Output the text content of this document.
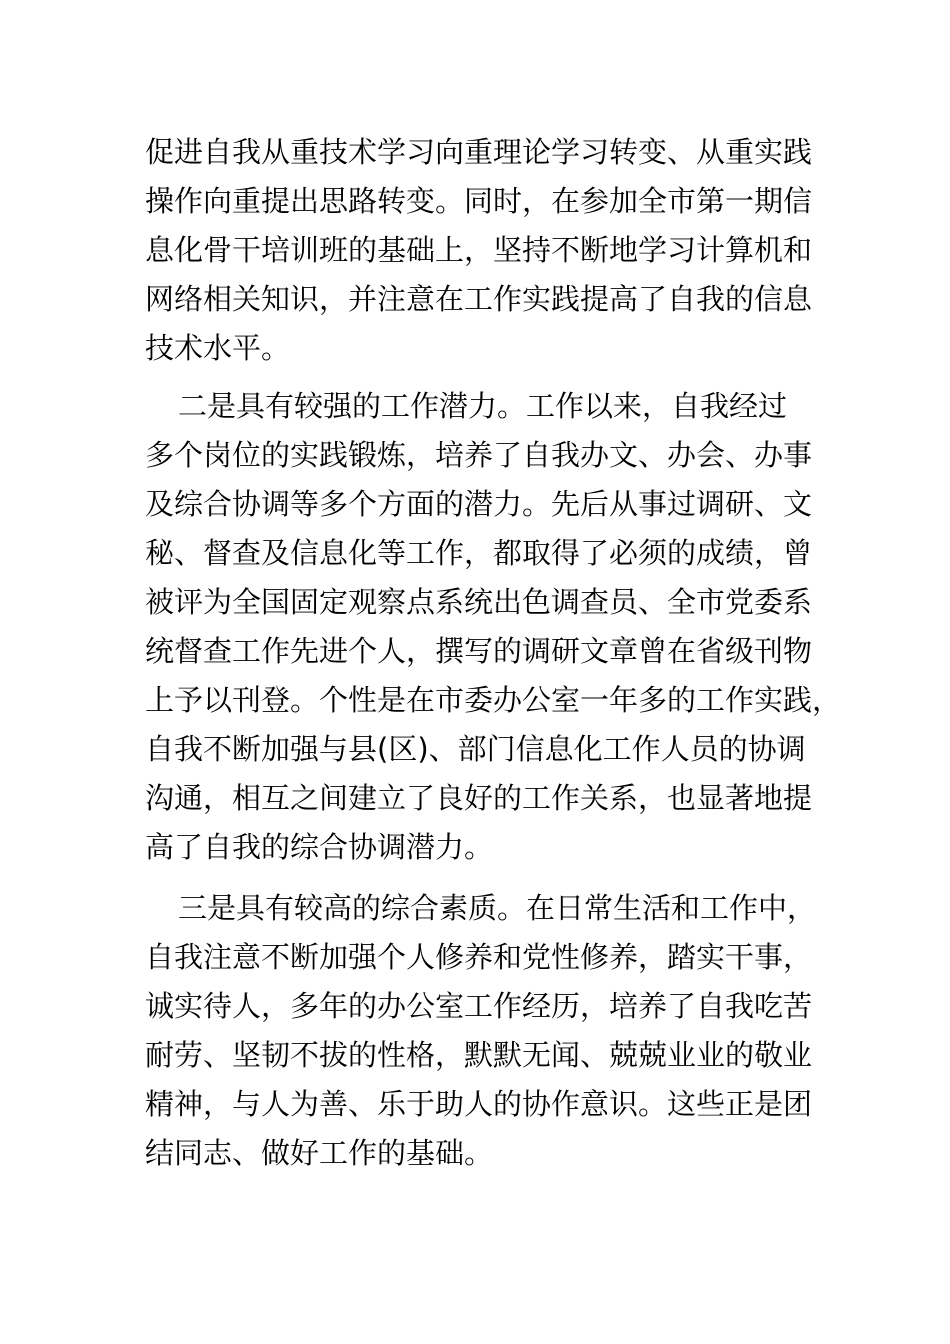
促进自我从重技术学习向重理论学习转变、从重实践
操作向重提出思路转变。同时，在参加全市第一期信
息化骨干培训班的基础上，坚持不断地学习计算机和
网络相关知识，并注意在工作实践提高了自我的信息
技术水平。
二是具有较强的工作潜力。工作以来，自我经过
多个岗位的实践锻炼，培养了自我办文、办会、办事
及综合协调等多个方面的潜力。先后从事过调研、文
秘、督查及信息化等工作，都取得了必须的成绩，曾
被评为全国固定观察点系统出色调查员、全市党委系
统督查工作先进个人，撰写的调研文章曾在省级刊物
上予以刊登。个性是在市委办公室一年多的工作实践，
自我不断加强与县(区)、部门信息化工作人员的协调
沟通，相互之间建立了良好的工作关系，也显著地提
高了自我的综合协调潜力。
三是具有较高的综合素质。在日常生活和工作中，
自我注意不断加强个人修养和党性修养，踏实干事，
诚实待人，多年的办公室工作经历，培养了自我吃苦
耐劳、坚韧不拔的性格，默默无闻、兢兢业业的敬业
精神，与人为善、乐于助人的协作意识。这些正是团
结同志、做好工作的基础。
